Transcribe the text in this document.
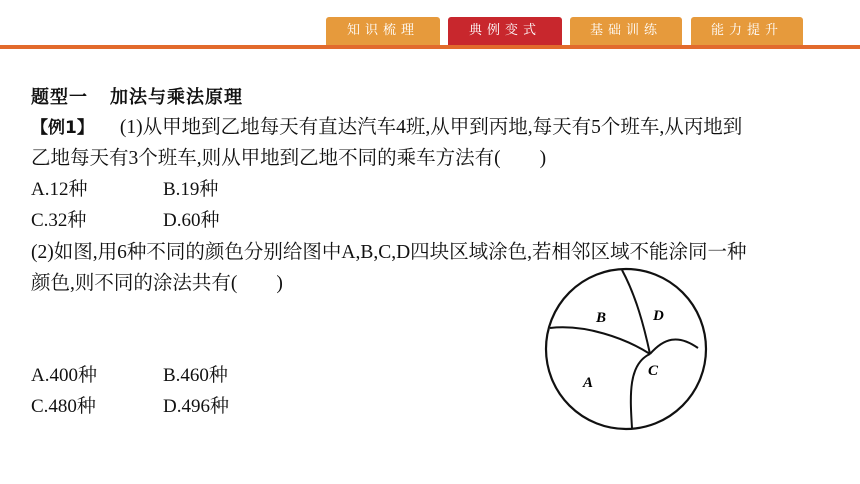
知识梳理	典例变式	基础训练	能力提升
题型一 加法与乘法原理
【例1】 (1)从甲地到乙地每天有直达汽车4班,从甲到丙地,每天有5个班车,从丙地到
乙地每天有3个班车,则从甲地到乙地不同的乘车方法有(　　)
A.12种	B.19种
C.32种	D.60种
(2)如图,用6种不同的颜色分别给图中A,B,C,D四块区域涂色,若相邻区域不能涂同一种
颜色,则不同的涂法共有(　　)
A.400种	B.460种
C.480种	D.496种
B	D
C
A
